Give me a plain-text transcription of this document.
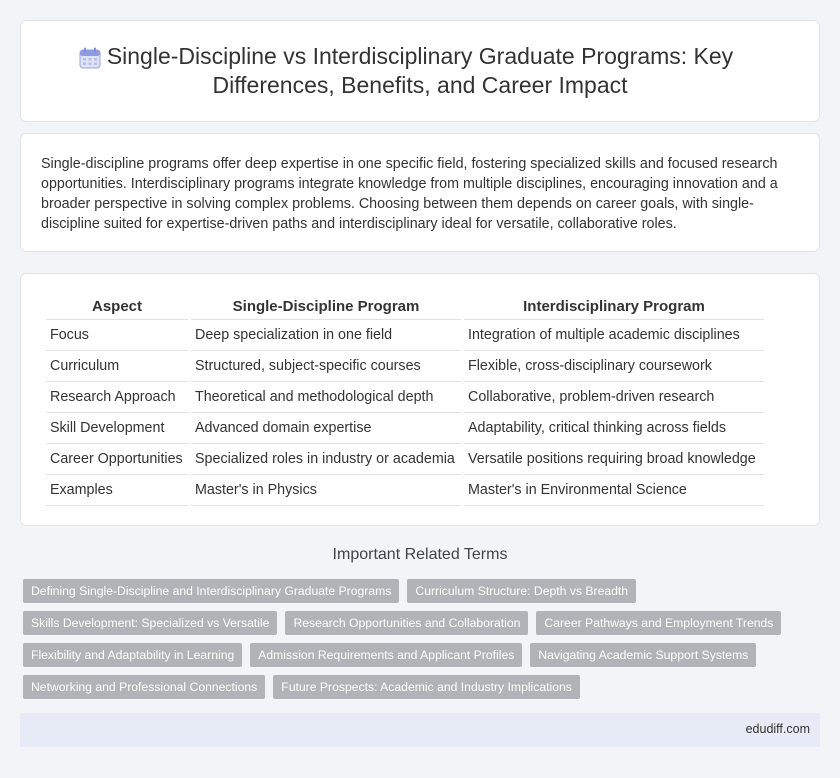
Single-Discipline vs Interdisciplinary Graduate Programs: Key Differences, Benefits, and Career Impact

Single-discipline programs offer deep expertise in one specific field, fostering specialized skills and focused research opportunities. Interdisciplinary programs integrate knowledge from multiple disciplines, encouraging innovation and a broader perspective in solving complex problems. Choosing between them depends on career goals, with single-discipline suited for expertise-driven paths and interdisciplinary ideal for versatile, collaborative roles.

Aspect	Single-Discipline Program	Interdisciplinary Program
Focus	Deep specialization in one field	Integration of multiple academic disciplines
Curriculum	Structured, subject-specific courses	Flexible, cross-disciplinary coursework
Research Approach	Theoretical and methodological depth	Collaborative, problem-driven research
Skill Development	Advanced domain expertise	Adaptability, critical thinking across fields
Career Opportunities	Specialized roles in industry or academia	Versatile positions requiring broad knowledge
Examples	Master's in Physics	Master's in Environmental Science
Important Related Terms
Defining Single-Discipline and Interdisciplinary Graduate Programs	Curriculum Structure: Depth vs Breadth
Skills Development: Specialized vs Versatile	Research Opportunities and Collaboration	Career Pathways and Employment Trends
Flexibility and Adaptability in Learning	Admission Requirements and Applicant Profiles	Navigating Academic Support Systems
Networking and Professional Connections	Future Prospects: Academic and Industry Implications
edudiff.com
